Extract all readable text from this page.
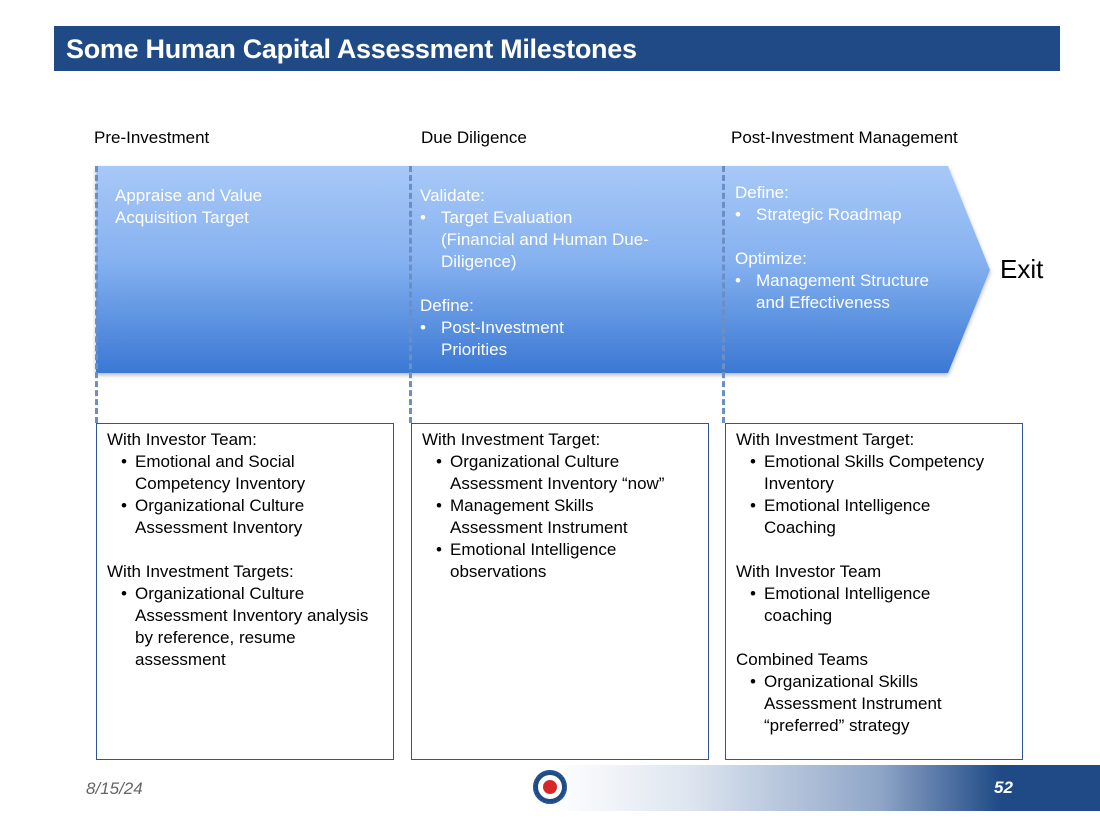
Some Human Capital Assessment Milestones
Pre-Investment	Due Diligence	Post-Investment Management
Appraise and Value
Acquisition Target
Validate:
• Target Evaluation (Financial and Human Due-Diligence)
Define:
• Post-Investment Priorities
Define:
• Strategic Roadmap
Optimize:
• Management Structure and Effectiveness
Exit
With Investor Team:
• Emotional and Social Competency Inventory
• Organizational Culture Assessment Inventory
With Investment Targets:
• Organizational Culture Assessment Inventory analysis by reference, resume assessment
With Investment Target:
• Organizational Culture Assessment Inventory “now”
• Management Skills Assessment Instrument
• Emotional Intelligence observations
With Investment Target:
• Emotional Skills Competency Inventory
• Emotional Intelligence Coaching
With Investor Team
• Emotional Intelligence coaching
Combined Teams
• Organizational Skills Assessment Instrument “preferred” strategy
8/15/24	52
